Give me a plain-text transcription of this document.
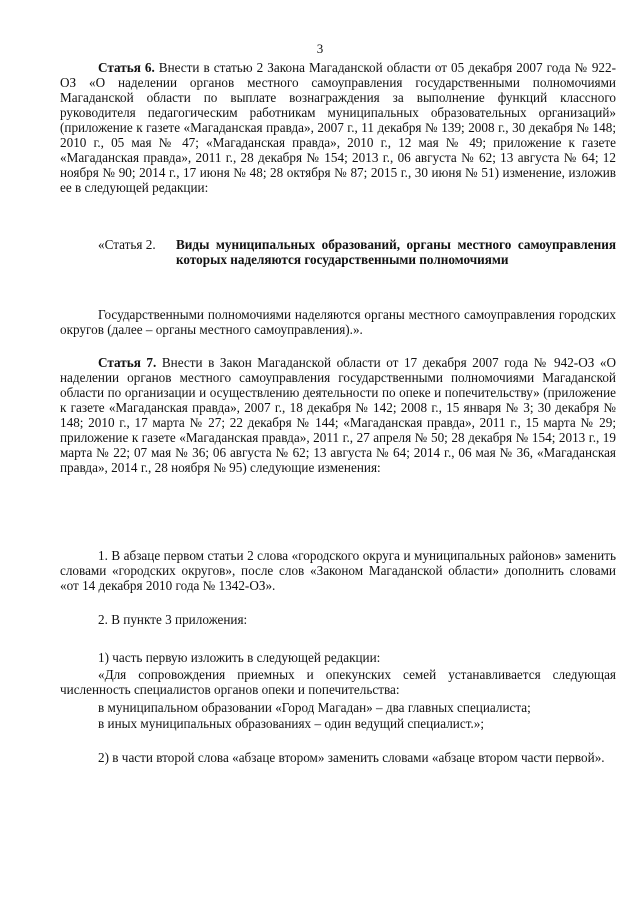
3
Статья 6. Внести в статью 2 Закона Магаданской области от 05 декабря 2007 года № 922-ОЗ «О наделении органов местного самоуправления государственными полномочиями Магаданской области по выплате вознаграждения за выполнение функций классного руководителя педагогическим работникам муниципальных образовательных организаций» (приложение к газете «Магаданская правда», 2007 г., 11 декабря № 139; 2008 г., 30 декабря № 148; 2010 г., 05 мая № 47; «Магаданская правда», 2010 г., 12 мая № 49; приложение к газете «Магаданская правда», 2011 г., 28 декабря № 154; 2013 г., 06 августа № 62; 13 августа № 64; 12 ноября № 90; 2014 г., 17 июня № 48; 28 октября № 87; 2015 г., 30 июня № 51) изменение, изложив ее в следующей редакции:
«Статья 2.	Виды муниципальных образований, органы местного самоуправления которых наделяются государственными полномочиями
Государственными полномочиями наделяются органы местного самоуправления городских округов (далее – органы местного самоуправления).».
Статья 7. Внести в Закон Магаданской области от 17 декабря 2007 года № 942-ОЗ «О наделении органов местного самоуправления государственными полномочиями Магаданской области по организации и осуществлению деятельности по опеке и попечительству» (приложение к газете «Магаданская правда», 2007 г., 18 декабря № 142; 2008 г., 15 января № 3; 30 декабря № 148; 2010 г., 17 марта № 27; 22 декабря № 144; «Магаданская правда», 2011 г., 15 марта № 29; приложение к газете «Магаданская правда», 2011 г., 27 апреля № 50; 28 декабря № 154; 2013 г., 19 марта № 22; 07 мая № 36; 06 августа № 62; 13 августа № 64; 2014 г., 06 мая № 36, «Магаданская правда», 2014 г., 28 ноября № 95) следующие изменения:
1. В абзаце первом статьи 2 слова «городского округа и муниципальных районов» заменить словами «городских округов», после слов «Законом Магаданской области» дополнить словами «от 14 декабря 2010 года № 1342-ОЗ».
2. В пункте 3 приложения:
1) часть первую изложить в следующей редакции:
«Для сопровождения приемных и опекунских семей устанавливается следующая численность специалистов органов опеки и попечительства:
в муниципальном образовании «Город Магадан» – два главных специалиста;
в иных муниципальных образованиях – один ведущий специалист.»;
2) в части второй слова «абзаце втором» заменить словами «абзаце втором части первой».
